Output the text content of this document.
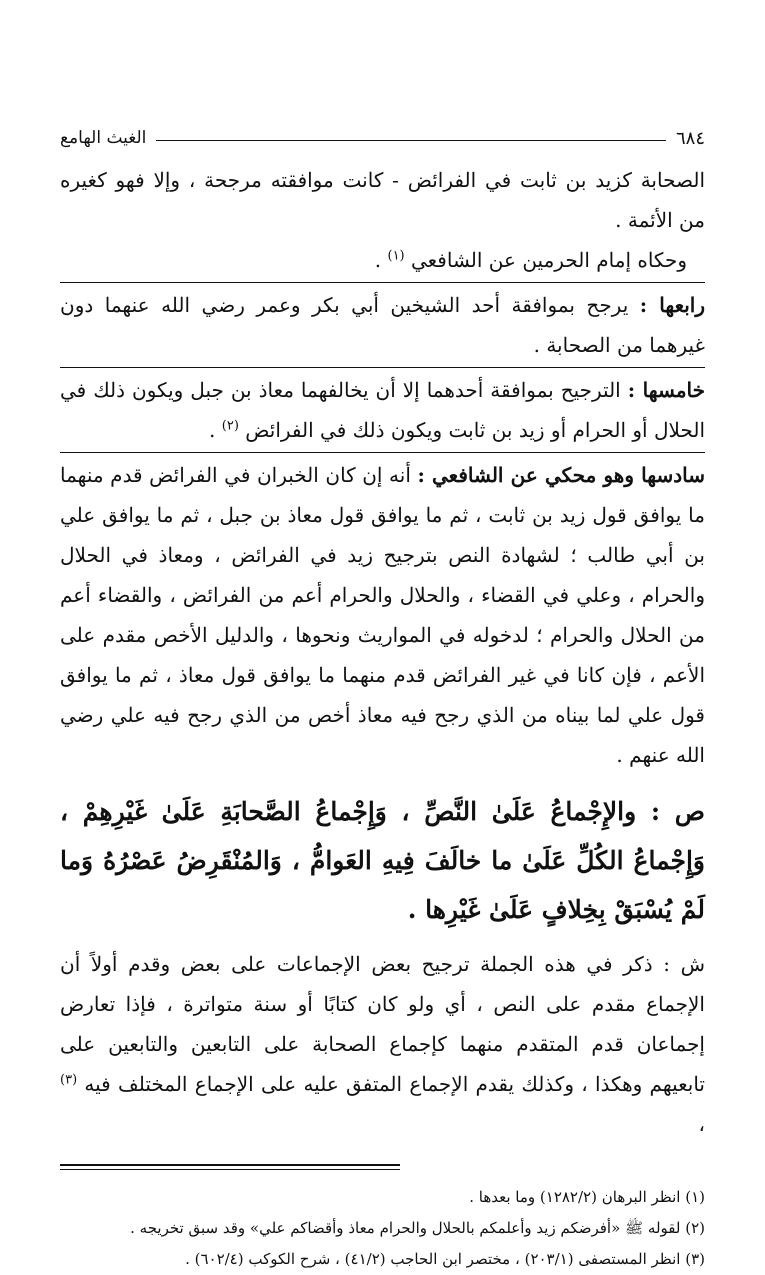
٦٨٤
الغيث الهامع

الصحابة كزيد بن ثابت في الفرائض - كانت موافقته مرجحة ، وإلا فهو كغيره من الأئمة .

وحكاه إمام الحرمين عن الشافعي $^{(١)}$ .

رابعها : يرجح بموافقة أحد الشيخين أبي بكر وعمر رضي الله عنهما دون غيرهما من الصحابة .

خامسها : الترجيح بموافقة أحدهما إلا أن يخالفهما معاذ بن جبل ويكون ذلك في الحلال أو الحرام أو زيد بن ثابت ويكون ذلك في الفرائض $^{(٢)}$ .

سادسها وهو محكي عن الشافعي : أنه إن كان الخبران في الفرائض قدم منهما ما يوافق قول زيد بن ثابت ، ثم ما يوافق قول معاذ بن جبل ، ثم ما يوافق علي بن أبي طالب ؛ لشهادة النص بترجيح زيد في الفرائض ، ومعاذ في الحلال والحرام ، وعلي في القضاء ، والحلال والحرام أعم من الفرائض ، والقضاء أعم من الحلال والحرام ؛ لدخوله في المواريث ونحوها ، والدليل الأخص مقدم على الأعم ، فإن كانا في غير الفرائض قدم منهما ما يوافق قول معاذ ، ثم ما يوافق قول علي لما بيناه من الذي رجح فيه معاذ أخص من الذي رجح فيه علي رضي الله عنهم .

ص : والإِجْماعُ عَلَىٰ النَّصِّ ، وَإِجْماعُ الصَّحابَةِ عَلَىٰ غَيْرِهِمْ ، وَإِجْماعُ الكُلِّ عَلَىٰ ما خالَفَ فِيهِ العَوامُّ ، وَالمُنْقَرِضُ عَصْرُهُ وَما لَمْ يُسْبَقْ بِخِلافٍ عَلَىٰ غَيْرِها .

ش : ذكر في هذه الجملة ترجيح بعض الإجماعات على بعض وقدم أولاً أن الإجماع مقدم على النص ، أي ولو كان كتابًا أو سنة متواترة ، فإذا تعارض إجماعان قدم المتقدم منهما كإجماع الصحابة على التابعين والتابعين على تابعيهم وهكذا ، وكذلك يقدم الإجماع المتفق عليه على الإجماع المختلف فيه $^{(٣)}$ ،

(١) انظر البرهان (١٢٨٢/٢) وما بعدها .

(٢) لقوله ﷺ «أفرضكم زيد وأعلمكم بالحلال والحرام معاذ وأقضاكم علي» وقد سبق تخريجه .

(٣) انظر المستصفى (٢٠٣/١) ، مختصر ابن الحاجب (٤١/٢) ، شرح الكوكب (٦٠٢/٤) .
